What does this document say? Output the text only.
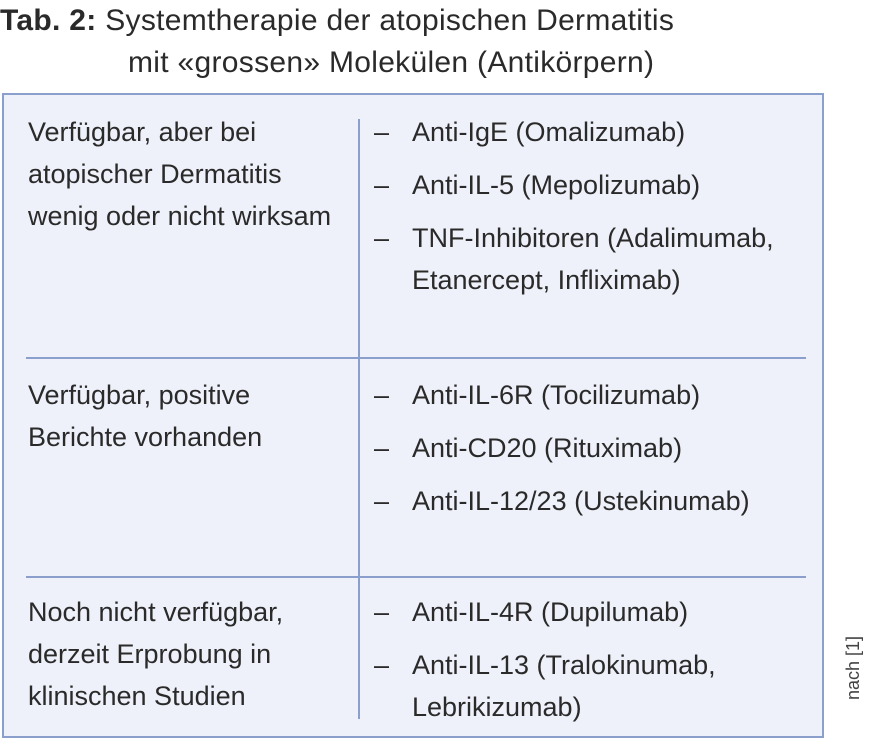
Tab. 2: Systemtherapie der atopischen Dermatitis
mit «grossen» Molekülen (Antikörpern)
Verfügbar, aber bei atopischer Dermatitis wenig oder nicht wirksam
– Anti-IgE (Omalizumab)
– Anti-IL-5 (Mepolizumab)
– TNF-Inhibitoren (Adalimumab, Etanercept, Infliximab)
Verfügbar, positive Berichte vorhanden
– Anti-IL-6R (Tocilizumab)
– Anti-CD20 (Rituximab)
– Anti-IL-12/23 (Ustekinumab)
Noch nicht verfügbar, derzeit Erprobung in klinischen Studien
– Anti-IL-4R (Dupilumab)
– Anti-IL-13 (Tralokinumab, Lebrikizumab)
nach [1]
